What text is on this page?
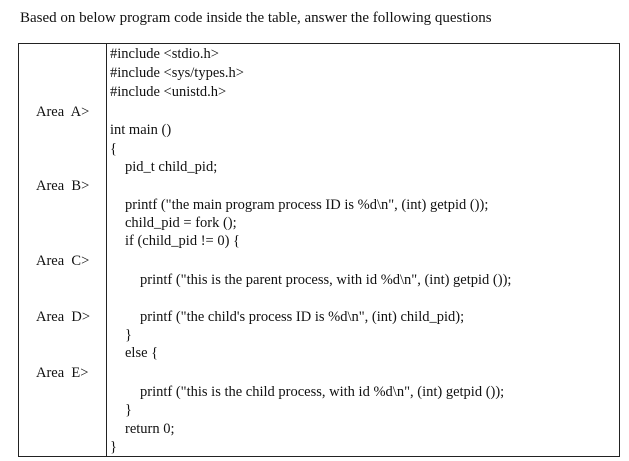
Based on below program code inside the table, answer the following questions
Area  A>
Area  B>
Area  C>
Area  D>
Area  E>
#include <stdio.h>
#include <sys/types.h>
#include <unistd.h>
int main ()
{
pid_t child_pid;
printf ("the main program process ID is %d\n", (int) getpid ());
child_pid = fork ();
if (child_pid != 0) {
printf ("this is the parent process, with id %d\n", (int) getpid ());
printf ("the child's process ID is %d\n", (int) child_pid);
}
else {
printf ("this is the child process, with id %d\n", (int) getpid ());
}
return 0;
}
